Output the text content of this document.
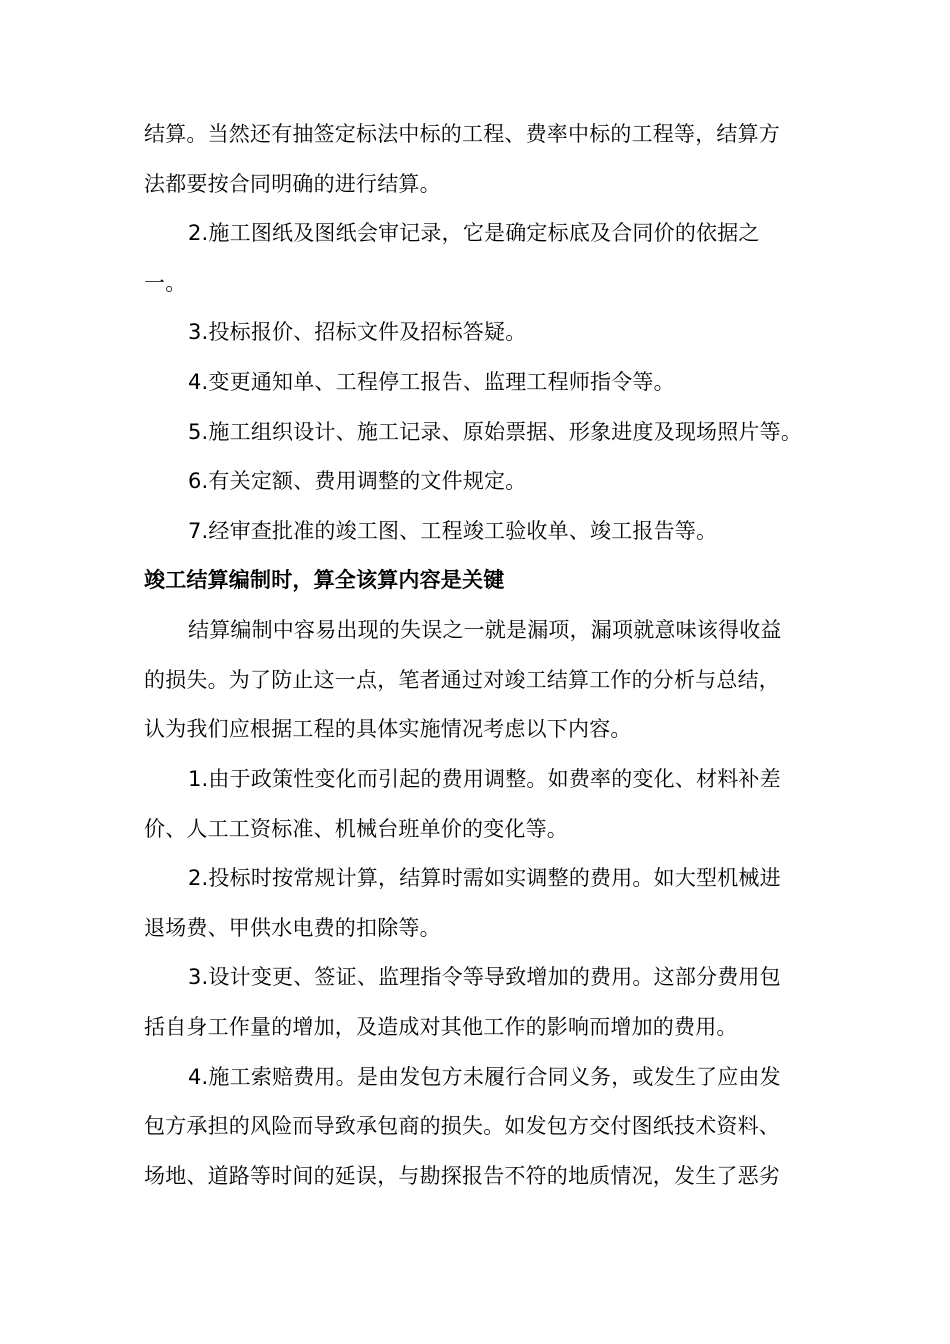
结算。当然还有抽签定标法中标的工程、费率中标的工程等，结算方
法都要按合同明确的进行结算。
2.施工图纸及图纸会审记录，它是确定标底及合同价的依据之
一。
3.投标报价、招标文件及招标答疑。
4.变更通知单、工程停工报告、监理工程师指令等。
5.施工组织设计、施工记录、原始票据、形象进度及现场照片等。
6.有关定额、费用调整的文件规定。
7.经审查批准的竣工图、工程竣工验收单、竣工报告等。
竣工结算编制时，算全该算内容是关键
结算编制中容易出现的失误之一就是漏项，漏项就意味该得收益
的损失。为了防止这一点，笔者通过对竣工结算工作的分析与总结，
认为我们应根据工程的具体实施情况考虑以下内容。
1.由于政策性变化而引起的费用调整。如费率的变化、材料补差
价、人工工资标准、机械台班单价的变化等。
2.投标时按常规计算，结算时需如实调整的费用。如大型机械进
退场费、甲供水电费的扣除等。
3.设计变更、签证、监理指令等导致增加的费用。这部分费用包
括自身工作量的增加，及造成对其他工作的影响而增加的费用。
4.施工索赔费用。是由发包方未履行合同义务，或发生了应由发
包方承担的风险而导致承包商的损失。如发包方交付图纸技术资料、
场地、道路等时间的延误，与勘探报告不符的地质情况，发生了恶劣
